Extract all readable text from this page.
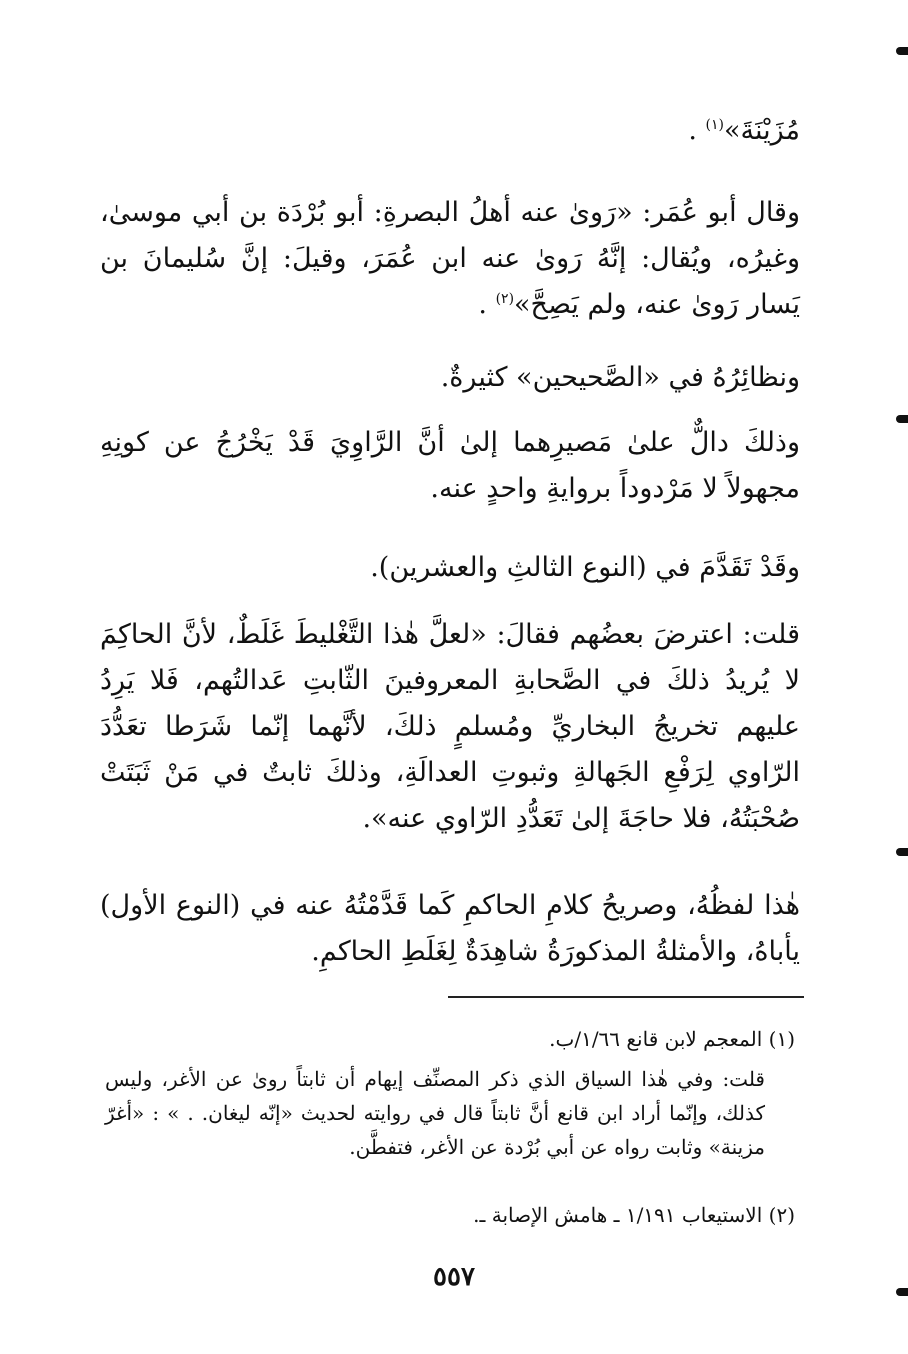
مُزَيْنَةَ»$^{(١)}$ .

وقال أبو عُمَر: «رَوىٰ عنه أهلُ البصرةِ: أبو بُرْدَة بن أبي موسىٰ، وغيرُه، ويُقال: إنَّهُ رَوىٰ عنه ابن عُمَرَ، وقيلَ: إنَّ سُليمانَ بن يَسار رَوىٰ عنه، ولم يَصِحَّ»$^{(٢)}$ .

ونظائِرُهُ في «الصَّحيحين» كثيرةٌ.

وذلكَ دالٌّ علىٰ مَصيرِهما إلىٰ أنَّ الرَّاوِيَ قَدْ يَخْرُجُ عن كونِهِ مجهولاً لا مَرْدوداً بروايةِ واحدٍ عنه.

وقَدْ تَقَدَّمَ في (النوع الثالثِ والعشرين).

قلت: اعترضَ بعضُهم فقالَ: «لعلَّ هٰذا التَّغْليطَ غَلَطٌ، لأنَّ الحاكِمَ لا يُريدُ ذلكَ في الصَّحابةِ المعروفينَ الثّابتِ عَدالتُهم، فَلا يَرِدُ عليهم تخريجُ البخاريِّ ومُسلمٍ ذلكَ، لأنَّهما إنّما شَرَطا تعَدُّدَ الرّاوي لِرَفْعِ الجَهالةِ وثبوتِ العدالَةِ، وذلكَ ثابتٌ في مَنْ ثَبَتَتْ صُحْبَتُهُ، فلا حاجَةَ إلىٰ تَعَدُّدِ الرّاوي عنه».

هٰذا لفظُهُ، وصريحُ كلامِ الحاكمِ كَما قَدَّمْتُهُ عنه في (النوع الأول) يأباهُ، والأمثلةُ المذكورَةُ شاهِدَةٌ لِغَلَطِ الحاكمِ.

(١) المعجم لابن قانع ١/٦٦/ب.

قلت: وفي هٰذا السياق الذي ذكر المصنِّف إيهام أن ثابتاً روىٰ عن الأغر، وليس كذلك، وإنّما أراد ابن قانع أنَّ ثابتاً قال في روايته لحديث «إنّه ليغان. . » : «أغرّ مزينة» وثابت رواه عن أبي بُرْدة عن الأغر، فتفطَّن.

(٢) الاستيعاب ١/١٩١ ـ هامش الإصابة ـ.

٥٥٧
